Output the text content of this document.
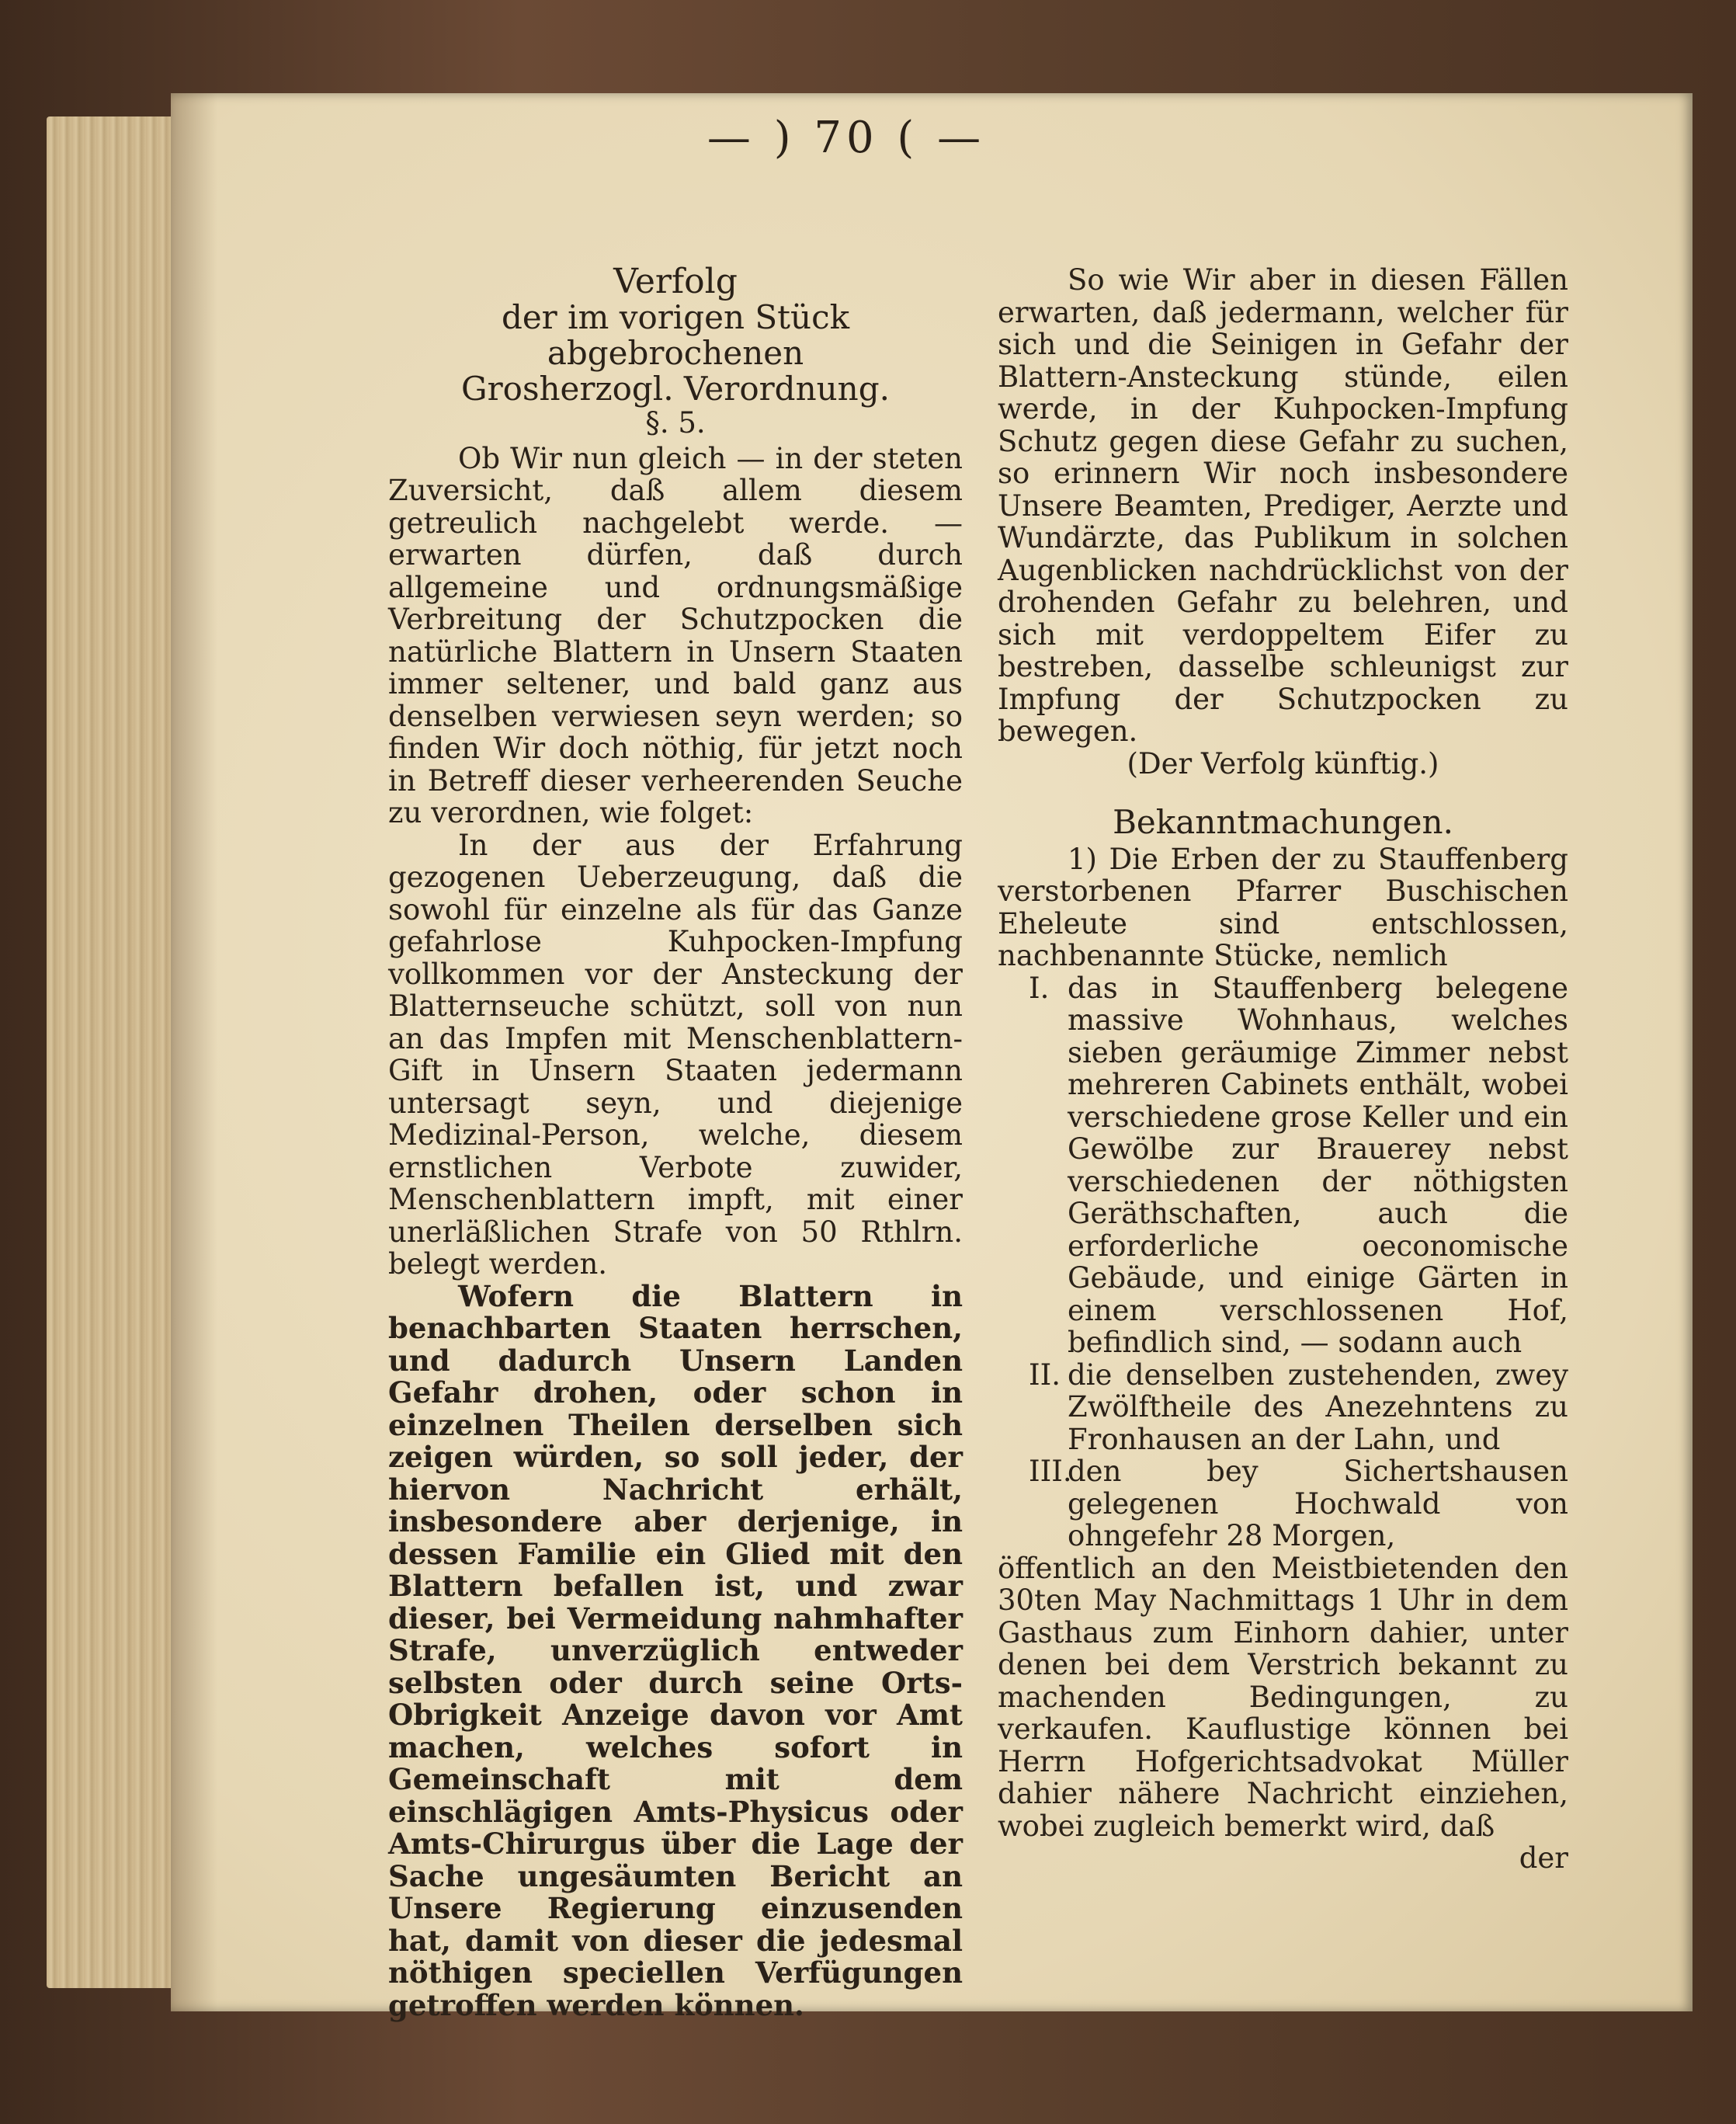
— ) 70 ( —
Verfolg
der im vorigen Stück abgebrochenen
Grosherzogl. Verordnung.
§. 5.

Ob Wir nun gleich — in der steten Zuversicht, daß allem diesem getreulich nachgelebt werde. — erwarten dürfen, daß durch allgemeine und ordnungsmäßige Verbreitung der Schutzpocken die natürliche Blattern in Unsern Staaten immer seltener, und bald ganz aus denselben verwiesen seyn werden; so finden Wir doch nöthig, für jetzt noch in Betreff dieser verheerenden Seuche zu verordnen, wie folget:

In der aus der Erfahrung gezogenen Ueberzeugung, daß die sowohl für einzelne als für das Ganze gefahrlose Kuhpocken-Impfung vollkommen vor der Ansteckung der Blatternseuche schützt, soll von nun an das Impfen mit Menschenblattern-Gift in Unsern Staaten jedermann untersagt seyn, und diejenige Medizinal-Person, welche, diesem ernstlichen Verbote zuwider, Menschenblattern impft, mit einer unerläßlichen Strafe von 50 Rthlrn. belegt werden.

Wofern die Blattern in benachbarten Staaten herrschen, und dadurch Unsern Landen Gefahr drohen, oder schon in einzelnen Theilen derselben sich zeigen würden, so soll jeder, der hiervon Nachricht erhält, insbesondere aber derjenige, in dessen Familie ein Glied mit den Blattern befallen ist, und zwar dieser, bei Vermeidung nahmhafter Strafe, unverzüglich entweder selbsten oder durch seine Orts-Obrigkeit Anzeige davon vor Amt machen, welches sofort in Gemeinschaft mit dem einschlägigen Amts-Physicus oder Amts-Chirurgus über die Lage der Sache ungesäumten Bericht an Unsere Regierung einzusenden hat, damit von dieser die jedesmal nöthigen speciellen Verfügungen getroffen werden können.

So wie Wir aber in diesen Fällen erwarten, daß jedermann, welcher für sich und die Seinigen in Gefahr der Blattern-Ansteckung stünde, eilen werde, in der Kuhpocken-Impfung Schutz gegen diese Gefahr zu suchen, so erinnern Wir noch insbesondere Unsere Beamten, Prediger, Aerzte und Wundärzte, das Publikum in solchen Augenblicken nachdrücklichst von der drohenden Gefahr zu belehren, und sich mit verdoppeltem Eifer zu bestreben, dasselbe schleunigst zur Impfung der Schutzpocken zu bewegen.

(Der Verfolg künftig.)

Bekanntmachungen.

1) Die Erben der zu Stauffenberg verstorbenen Pfarrer Buschischen Eheleute sind entschlossen, nachbenannte Stücke, nemlich

I. das in Stauffenberg belegene massive Wohnhaus, welches sieben geräumige Zimmer nebst mehreren Cabinets enthält, wobei verschiedene grose Keller und ein Gewölbe zur Brauerey nebst verschiedenen der nöthigsten Geräthschaften, auch die erforderliche oeconomische Gebäude, und einige Gärten in einem verschlossenen Hof, befindlich sind, — sodann auch
II. die denselben zustehenden, zwey Zwölftheile des Anezehntens zu Fronhausen an der Lahn, und
III.den bey Sichertshausen gelegenen Hochwald von ohngefehr 28 Morgen,

öffentlich an den Meistbietenden den 30ten May Nachmittags 1 Uhr in dem Gasthaus zum Einhorn dahier, unter denen bei dem Verstrich bekannt zu machenden Bedingungen, zu verkaufen. Kauflustige können bei Herrn Hofgerichtsadvokat Müller dahier nähere Nachricht einziehen, wobei zugleich bemerkt wird, daß

der
